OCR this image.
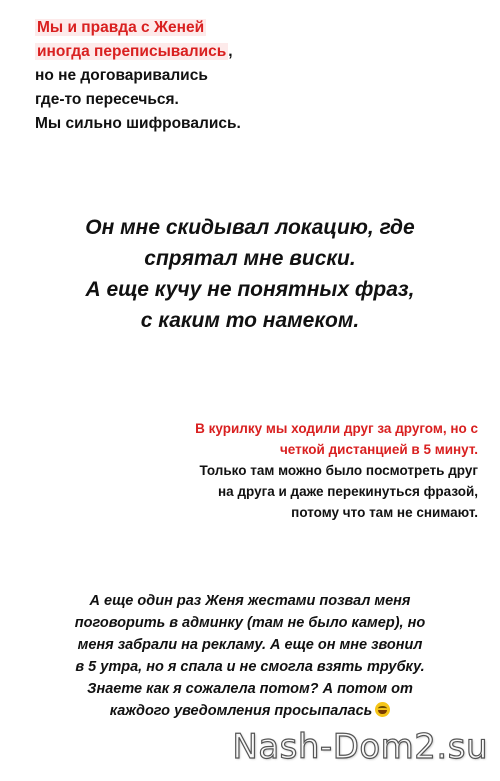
Мы и правда с Женей
иногда переписывались ,
но не договаривались
где-то пересечься.
Мы сильно шифровались.
Он мне скидывал локацию, где
спрятал мне виски.
А еще кучу не понятных фраз,
с каким то намеком.
В курилку мы ходили друг за другом, но с
четкой дистанцией в 5 минут.
Только там можно было посмотреть друг
на друга и даже перекинуться фразой,
потому что там не снимают.
А еще один раз Женя жестами позвал меня
поговорить в админку (там не было камер), но
меня забрали на рекламу. А еще он мне звонил
в 5 утра, но я спала и не смогла взять трубку.
Знаете как я сожалела потом? А потом от
каждого уведомления просыпалась
Nash-Dom2.su
